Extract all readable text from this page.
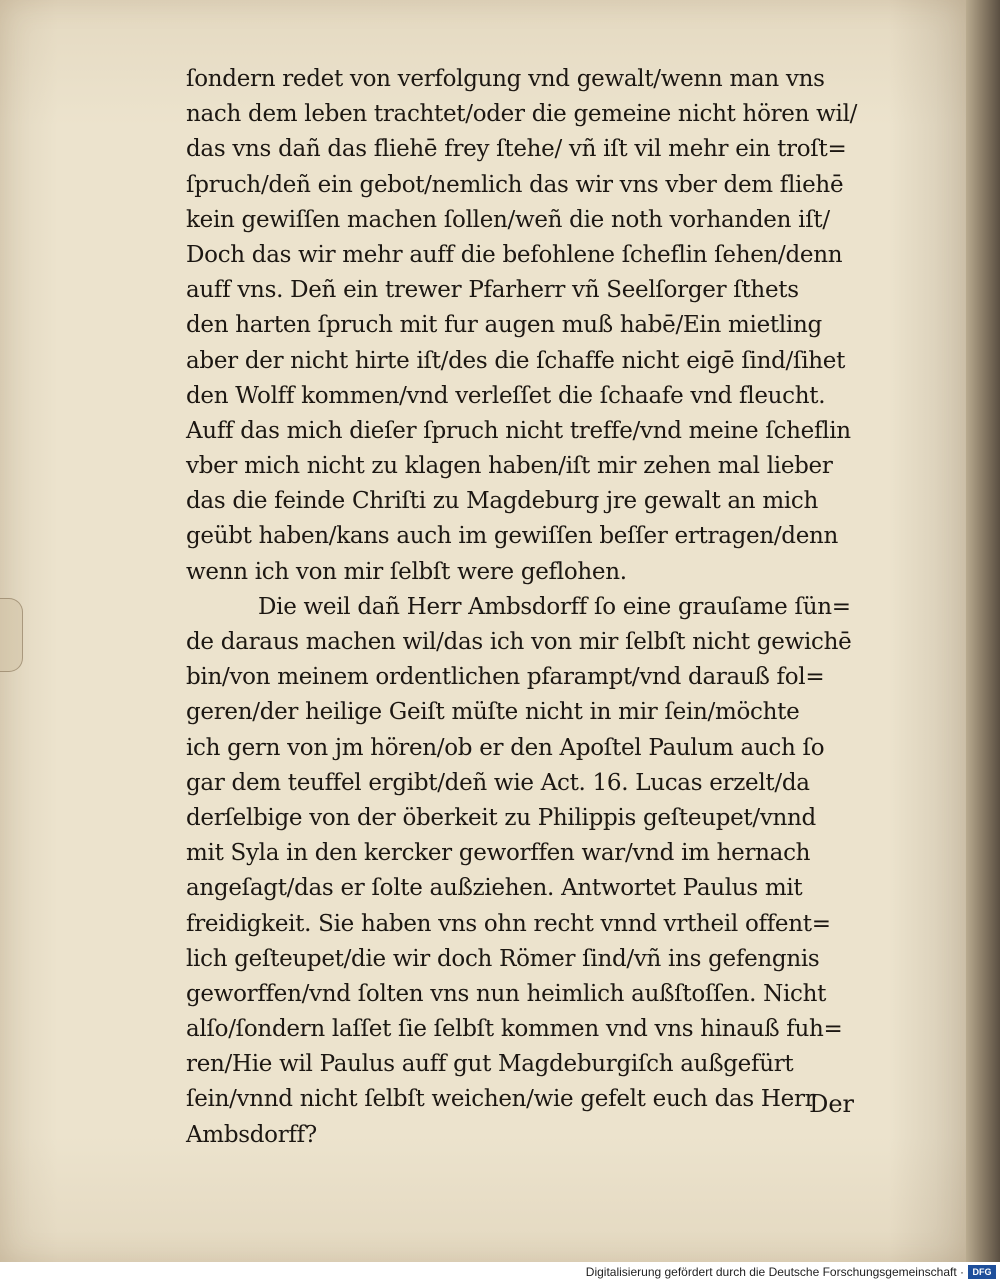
ſondern redet von verfolgung vnd gewalt/wenn man vns
nach dem leben trachtet/oder die gemeine nicht hören wil/
das vns dañ das fliehē frey ſtehe/ vñ iſt vil mehr ein troſt=
ſpruch/deñ ein gebot/nemlich das wir vns vber dem fliehē
kein gewiſſen machen ſollen/weñ die noth vorhanden iſt/
Doch das wir mehr auff die befohlene ſcheflin ſehen/denn
auff vns. Deñ ein trewer Pfarherr vñ Seelſorger ſthets
den harten ſpruch mit fur augen muß habē/Ein mietling
aber der nicht hirte iſt/des die ſchaffe nicht eigē ſind/ſihet
den Wolff kommen/vnd verleſſet die ſchaafe vnd fleucht.
Auff das mich dieſer ſpruch nicht treffe/vnd meine ſcheflin
vber mich nicht zu klagen haben/iſt mir zehen mal lieber
das die feinde Chriſti zu Magdeburg jre gewalt an mich
geübt haben/kans auch im gewiſſen beſſer ertragen/denn
wenn ich von mir ſelbſt were geflohen.
Die weil dañ Herr Ambsdorff ſo eine grauſame ſün=
de daraus machen wil/das ich von mir ſelbſt nicht gewichē
bin/von meinem ordentlichen pfarampt/vnd darauß fol=
geren/der heilige Geiſt müſte nicht in mir ſein/möchte
ich gern von jm hören/ob er den Apoſtel Paulum auch ſo
gar dem teuffel ergibt/deñ wie Act. 16. Lucas erzelt/da
derſelbige von der öberkeit zu Philippis geſteupet/vnnd
mit Syla in den kercker geworffen war/vnd im hernach
angeſagt/das er ſolte außziehen. Antwortet Paulus mit
freidigkeit. Sie haben vns ohn recht vnnd vrtheil offent=
lich geſteupet/die wir doch Römer ſind/vñ ins gefengnis
geworffen/vnd ſolten vns nun heimlich außſtoſſen. Nicht
alſo/ſondern laſſet ſie ſelbſt kommen vnd vns hinauß fuh=
ren/Hie wil Paulus auff gut Magdeburgiſch außgefürt
ſein/vnnd nicht ſelbſt weichen/wie gefelt euch das Herr
Ambsdorff?
Der
Digitalisierung gefördert durch die Deutsche Forschungsgemeinschaft · DFG
